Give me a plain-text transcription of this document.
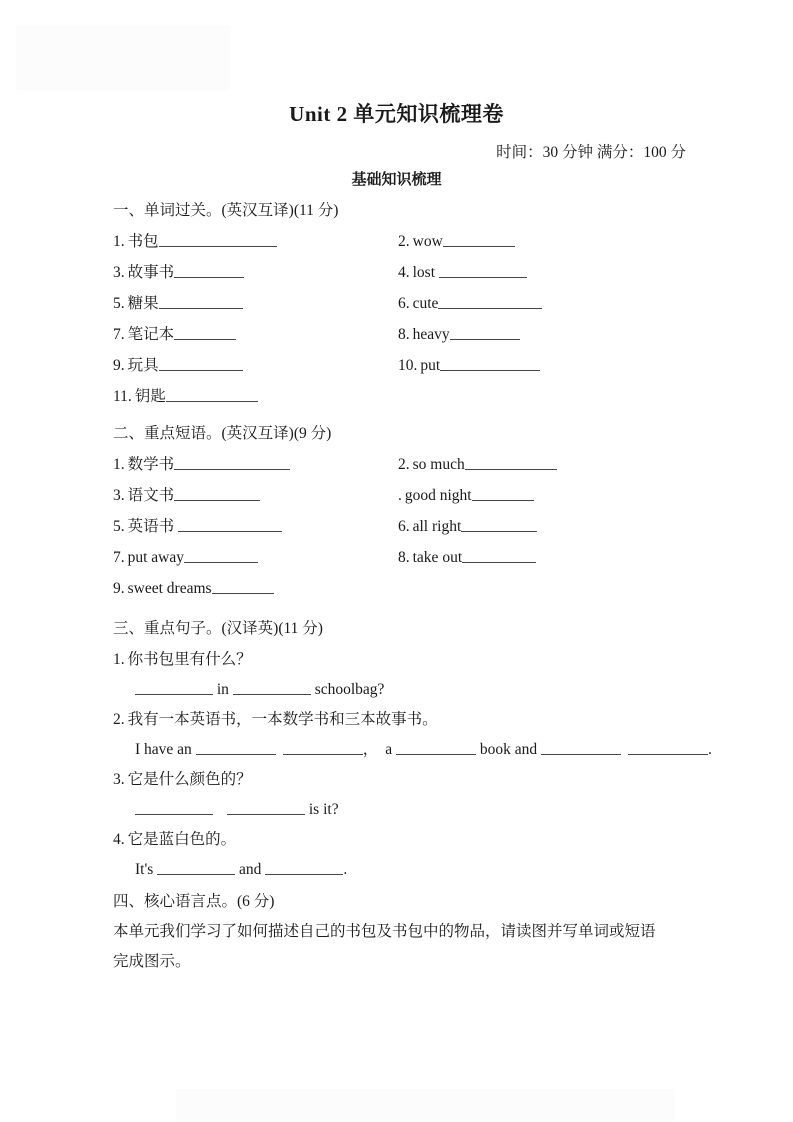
Unit 2 单元知识梳理卷
时间：30 分钟 满分：100 分
基础知识梳理

一、单词过关。(英汉互译)(11 分)

1. 书包	2. wow
3. 故事书	4. lost
5. 糖果	6. cute
7. 笔记本	8. heavy
9. 玩具	10. put
11. 钥匙

二、重点短语。(英汉互译)(9 分)

1. 数学书	2. so much
3. 语文书	. good night
5. 英语书	6. all right
7. put away	8. take out
9. sweet dreams

三、重点句子。(汉译英)(11 分)

1. 你书包里有什么？
in	schoolbag?
2. 我有一本英语书，一本数学书和三本故事书。
I have an	， a	book and	.
3. 它是什么颜色的？
is it?
4. 它是蓝白色的。
It's	and	.

四、核心语言点。(6 分)

本单元我们学习了如何描述自己的书包及书包中的物品，请读图并写单词或短语

完成图示。
